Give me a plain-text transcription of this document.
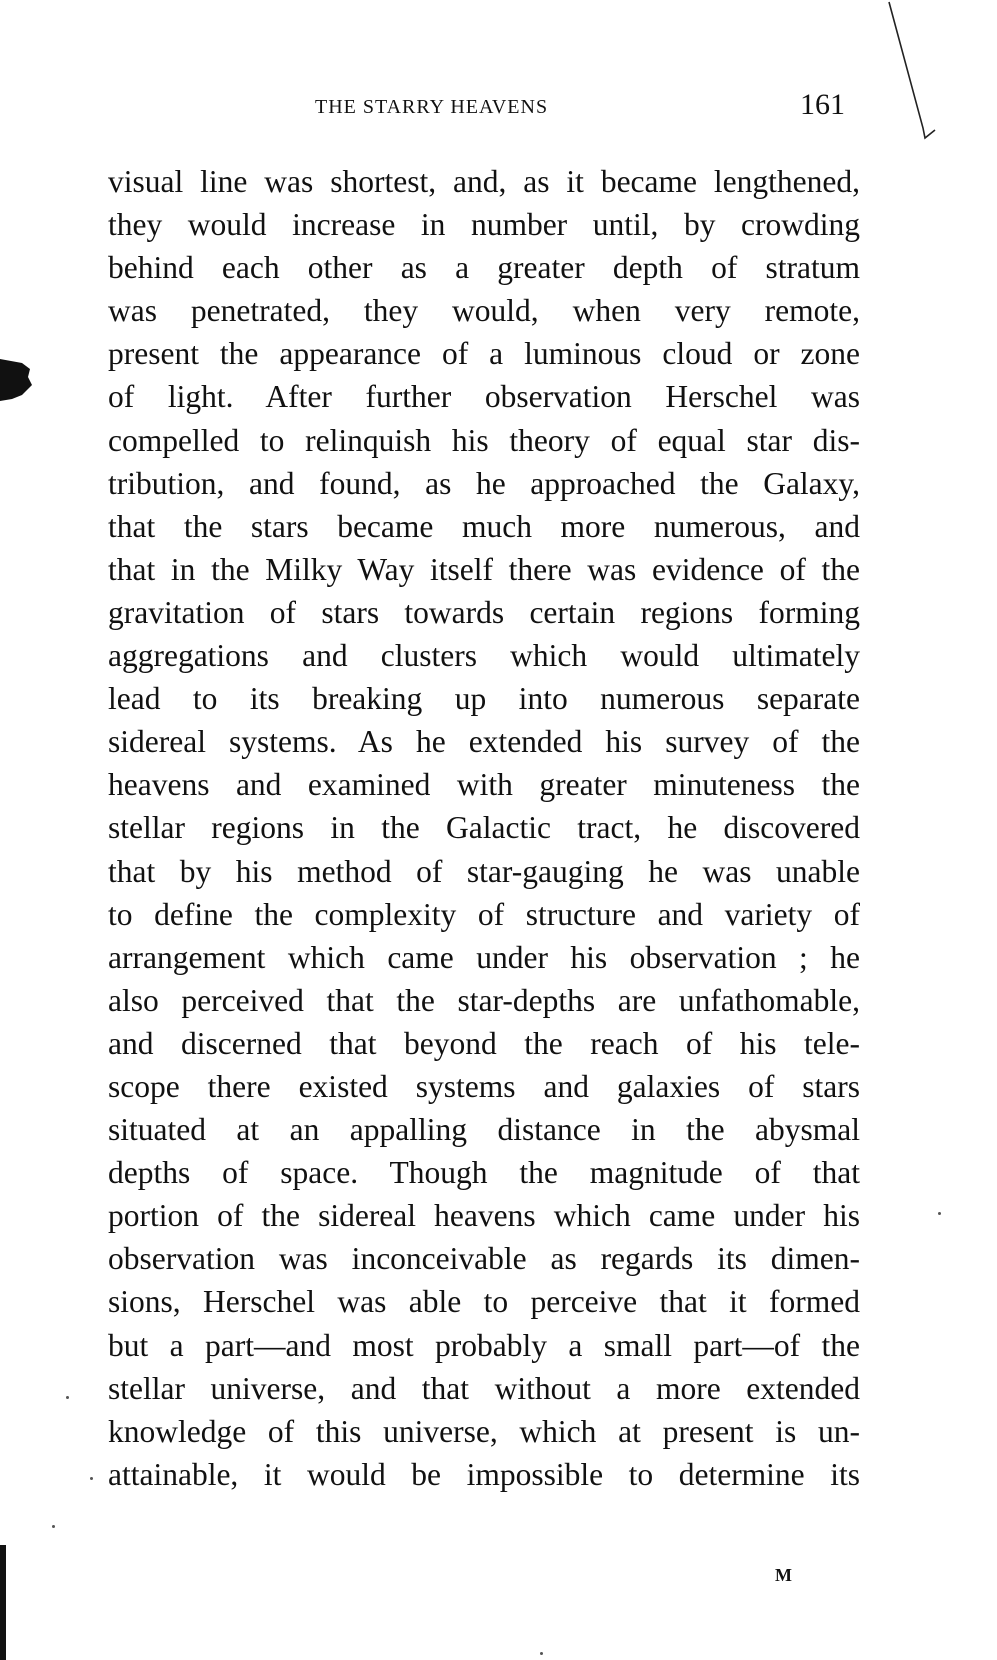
THE STARRY HEAVENS	161
visual line was shortest, and, as it became lengthened,
they would increase in number until, by crowding
behind each other as a greater depth of stratum
was penetrated, they would, when very remote,
present the appearance of a luminous cloud or zone
of light. After further observation Herschel was
compelled to relinquish his theory of equal star dis-
tribution, and found, as he approached the Galaxy,
that the stars became much more numerous, and
that in the Milky Way itself there was evidence of the
gravitation of stars towards certain regions forming
aggregations and clusters which would ultimately
lead to its breaking up into numerous separate
sidereal systems. As he extended his survey of the
heavens and examined with greater minuteness the
stellar regions in the Galactic tract, he discovered
that by his method of star-gauging he was unable
to define the complexity of structure and variety of
arrangement which came under his observation ; he
also perceived that the star-depths are unfathomable,
and discerned that beyond the reach of his tele-
scope there existed systems and galaxies of stars
situated at an appalling distance in the abysmal
depths of space. Though the magnitude of that
portion of the sidereal heavens which came under his
observation was inconceivable as regards its dimen-
sions, Herschel was able to perceive that it formed
but a part—and most probably a small part—of the
stellar universe, and that without a more extended
knowledge of this universe, which at present is un-
attainable, it would be impossible to determine its
M
